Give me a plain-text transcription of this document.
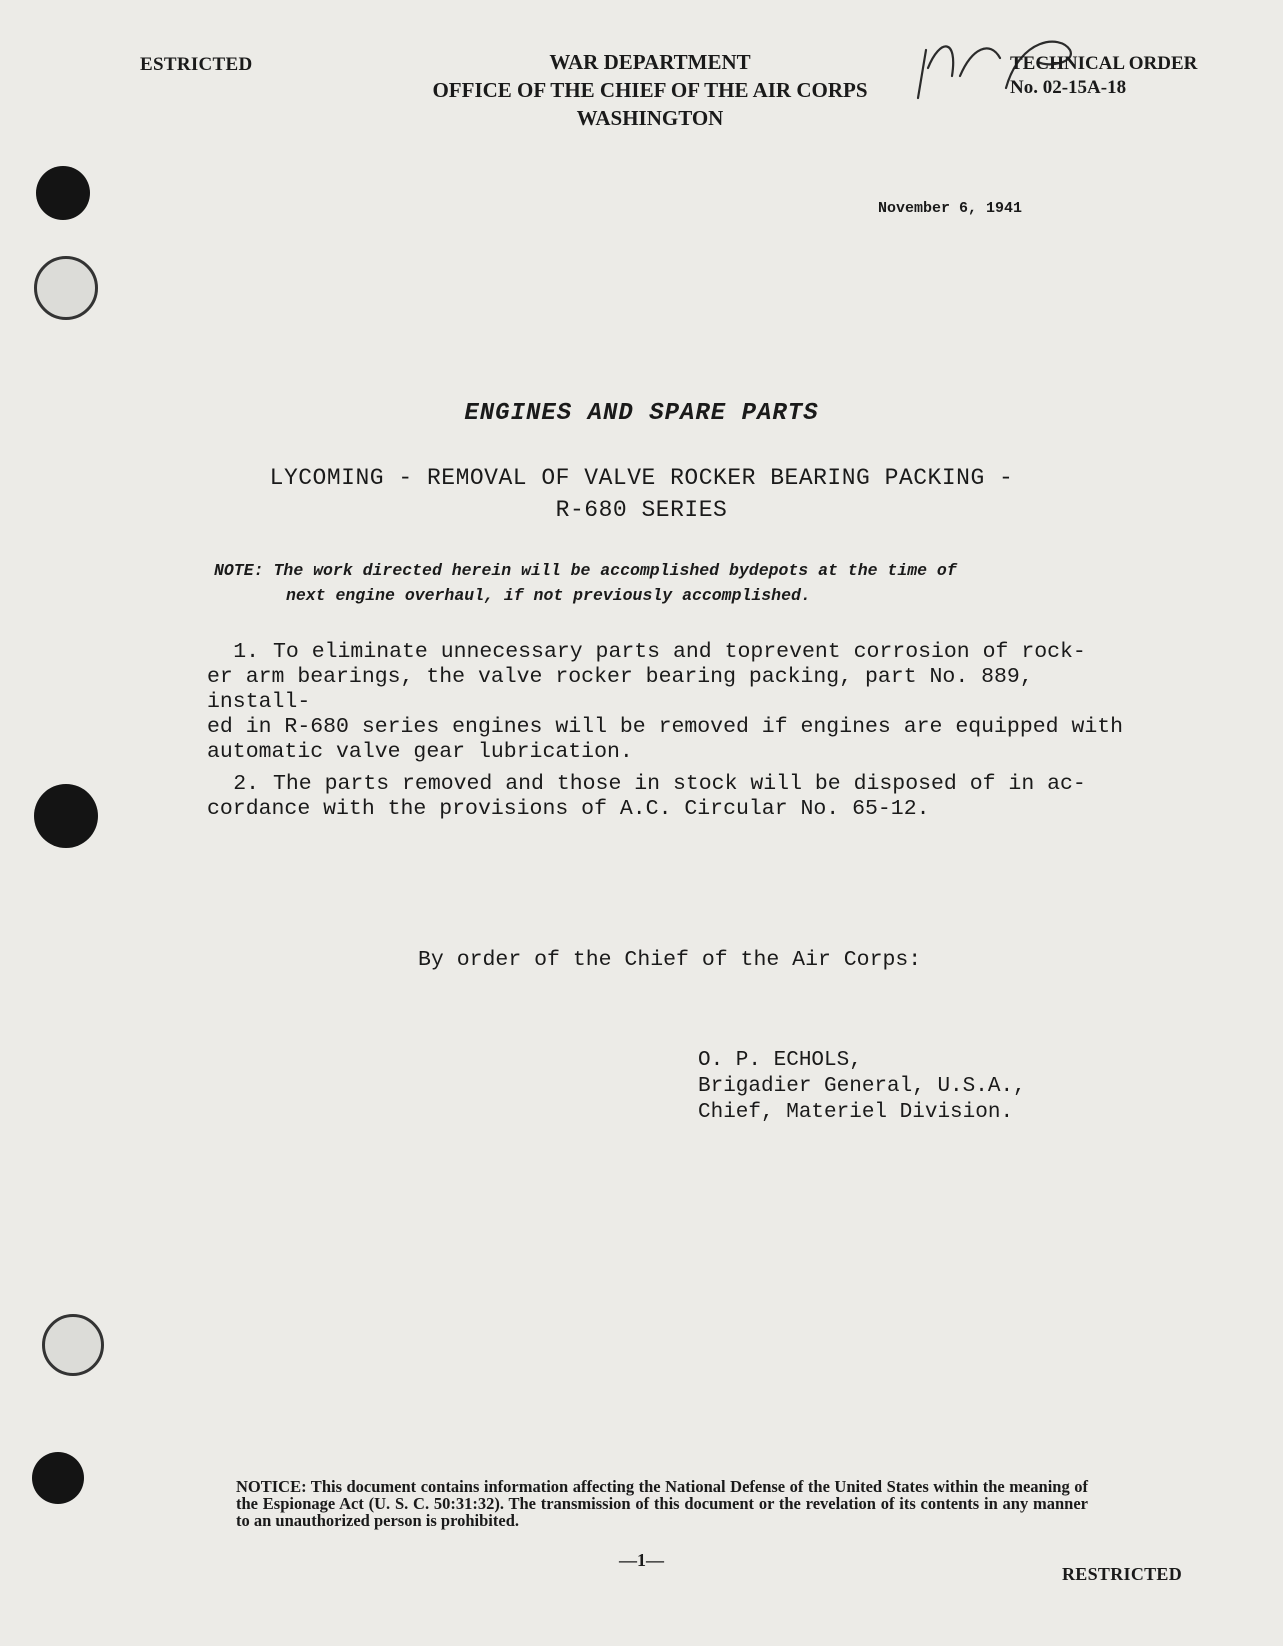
ESTRICTED	WAR DEPARTMENT
OFFICE OF THE CHIEF OF THE AIR CORPS
WASHINGTON
TECHNICAL ORDER
No. 02-15A-18
November 6, 1941
ENGINES AND SPARE PARTS
LYCOMING - REMOVAL OF VALVE ROCKER BEARING PACKING -
R-680 SERIES
NOTE: The work directed herein will be accomplished bydepots at the time of
next engine overhaul, if not previously accomplished.
1. To eliminate unnecessary parts and toprevent corrosion of rock-
er arm bearings, the valve rocker bearing packing, part No. 889, install-
ed in R-680 series engines will be removed if engines are equipped with
automatic valve gear lubrication.
2. The parts removed and those in stock will be disposed of in ac-
cordance with the provisions of A.C. Circular No. 65-12.
By order of the Chief of the Air Corps:
O. P. ECHOLS,
Brigadier General, U.S.A.,
Chief, Materiel Division.
NOTICE: This document contains information affecting the National Defense of the United States within the meaning of the Espionage Act (U. S. C. 50:31:32). The transmission of this document or the revelation of its contents in any manner to an unauthorized person is prohibited.
—1—
RESTRICTED
